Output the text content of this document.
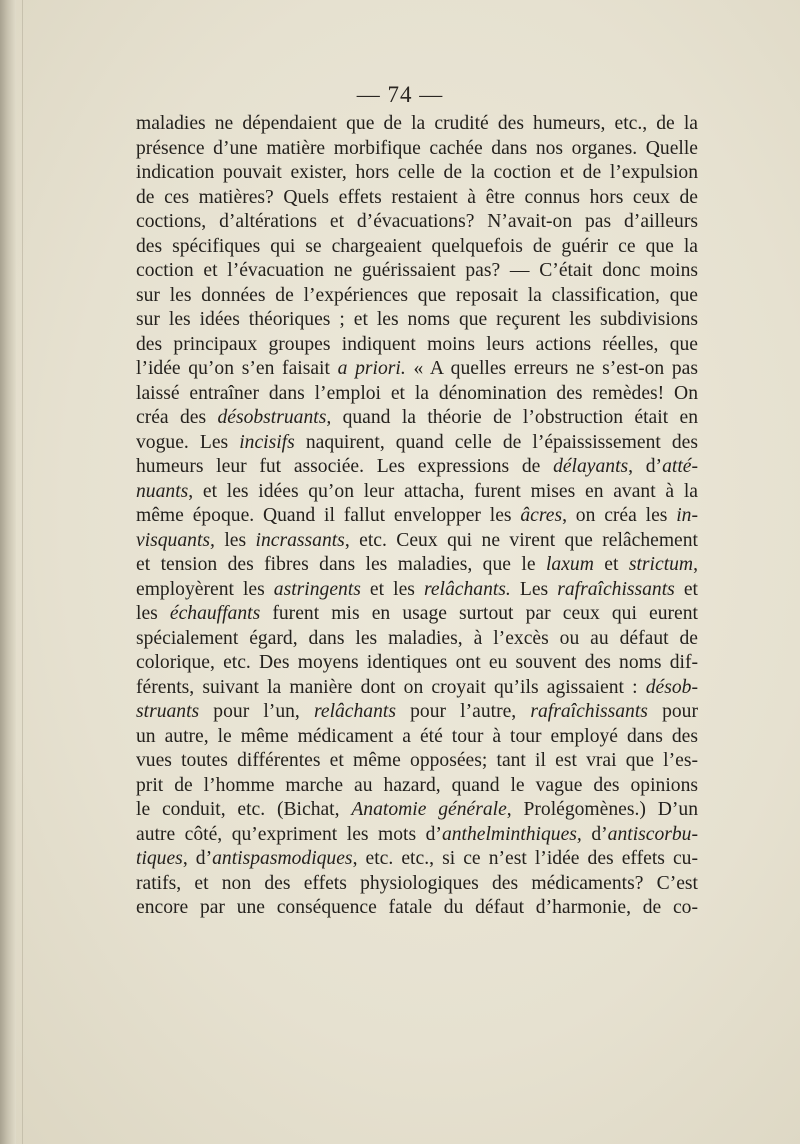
— 74 —
maladies ne dépendaient que de la crudité des humeurs, etc., de la
présence d’une matière morbifique cachée dans nos organes. Quelle
indication pouvait exister, hors celle de la coction et de l’expulsion
de ces matières? Quels effets restaient à être connus hors ceux de
coctions, d’altérations et d’évacuations? N’avait-on pas d’ailleurs
des spécifiques qui se chargeaient quelquefois de guérir ce que la
coction et l’évacuation ne guérissaient pas? — C’était donc moins
sur les données de l’expériences que reposait la classification, que
sur les idées théoriques ; et les noms que reçurent les subdivisions
des principaux groupes indiquent moins leurs actions réelles, que
l’idée qu’on s’en faisait a priori. « A quelles erreurs ne s’est-on pas
laissé entraîner dans l’emploi et la dénomination des remèdes! On
créa des désobstruants, quand la théorie de l’obstruction était en
vogue. Les incisifs naquirent, quand celle de l’épaississement des
humeurs leur fut associée. Les expressions de délayants, d’atté-
nuants, et les idées qu’on leur attacha, furent mises en avant à la
même époque. Quand il fallut envelopper les âcres, on créa les in-
visquants, les incrassants, etc. Ceux qui ne virent que relâchement
et tension des fibres dans les maladies, que le laxum et strictum,
employèrent les astringents et les relâchants. Les rafraîchissants et
les échauffants furent mis en usage surtout par ceux qui eurent
spécialement égard, dans les maladies, à l’excès ou au défaut de
colorique, etc. Des moyens identiques ont eu souvent des noms dif-
férents, suivant la manière dont on croyait qu’ils agissaient : désob-
struants pour l’un, relâchants pour l’autre, rafraîchissants pour
un autre, le même médicament a été tour à tour employé dans des
vues toutes différentes et même opposées; tant il est vrai que l’es-
prit de l’homme marche au hazard, quand le vague des opinions
le conduit, etc. (Bichat, Anatomie générale, Prolégomènes.) D’un
autre côté, qu’expriment les mots d’anthelminthiques, d’antiscorbu-
tiques, d’antispasmodiques, etc. etc., si ce n’est l’idée des effets cu-
ratifs, et non des effets physiologiques des médicaments? C’est
encore par une conséquence fatale du défaut d’harmonie, de co-
